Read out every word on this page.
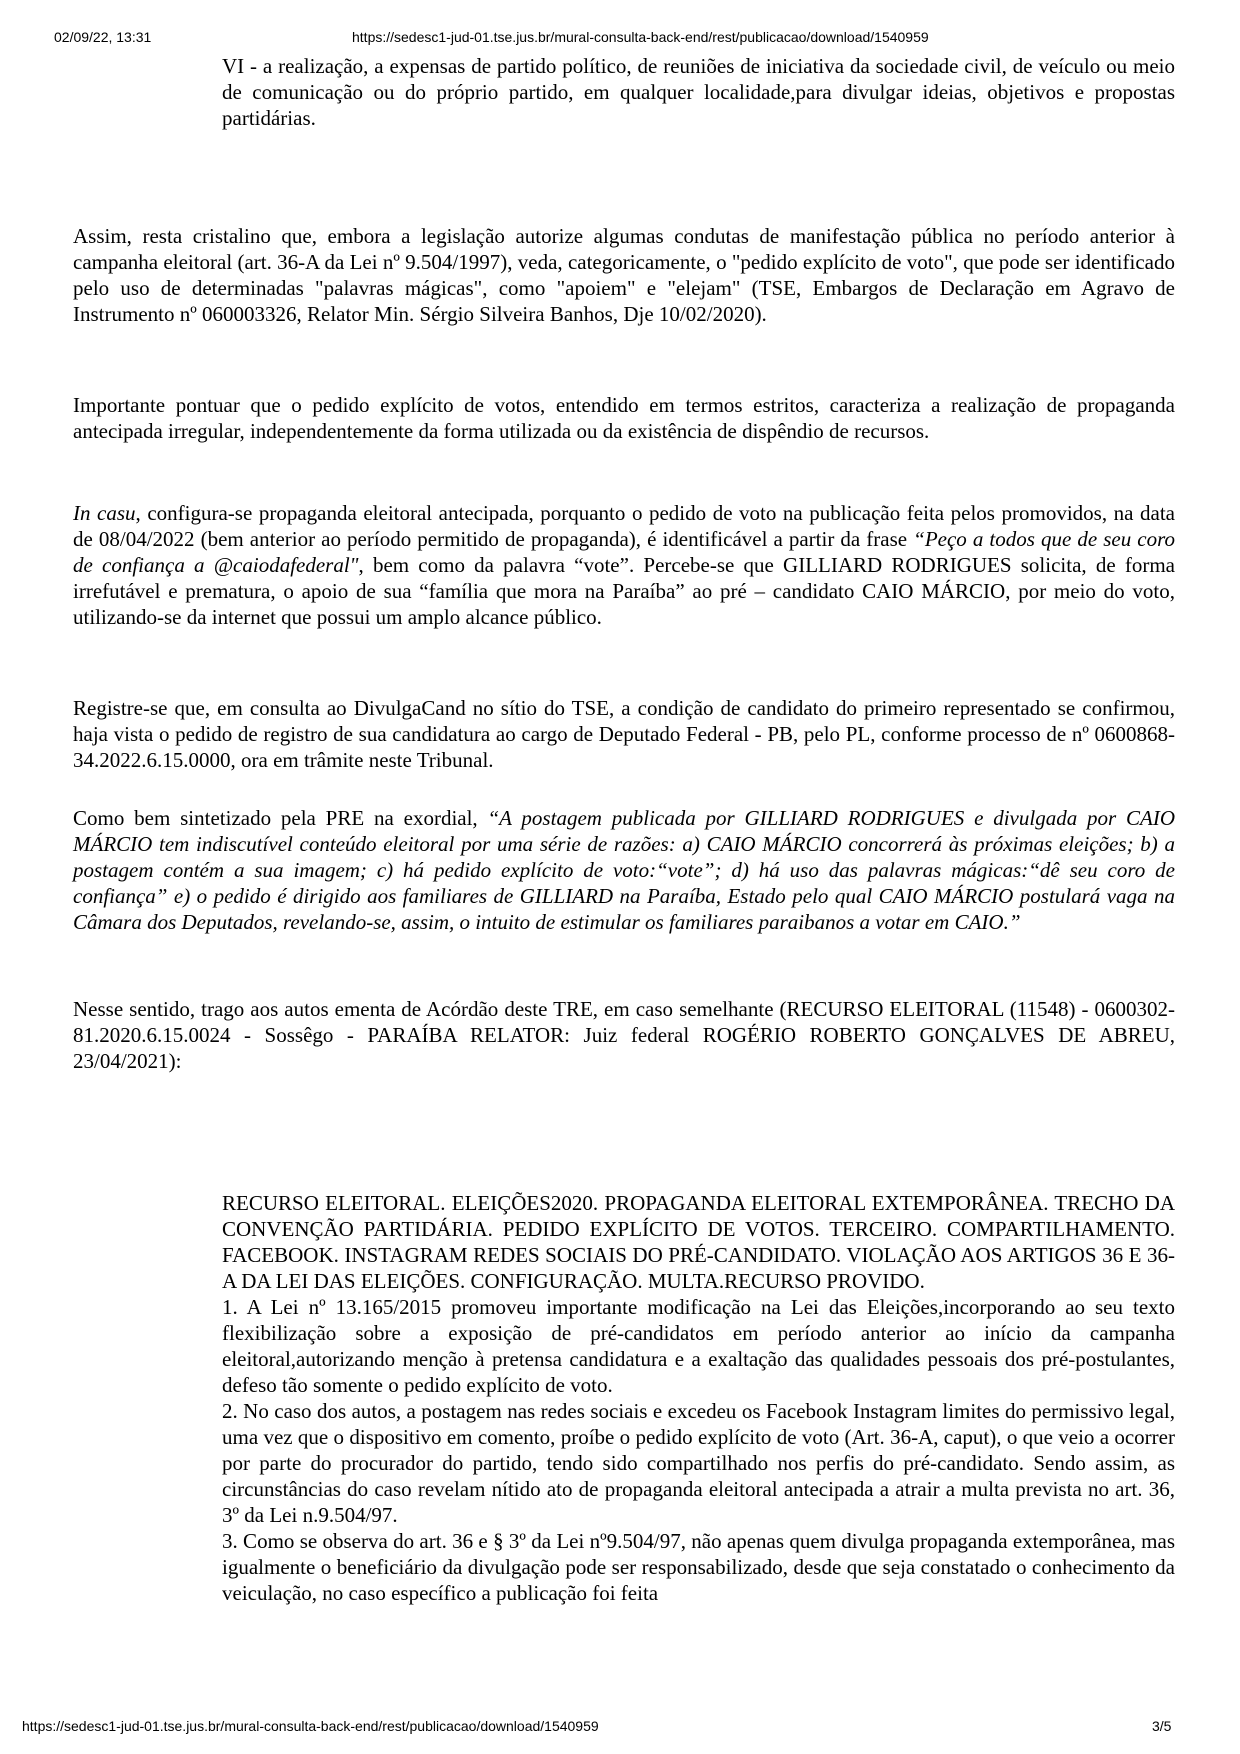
02/09/22, 13:31	https://sedesc1-jud-01.tse.jus.br/mural-consulta-back-end/rest/publicacao/download/1540959

VI - a realização, a expensas de partido político, de reuniões de iniciativa da sociedade civil, de veículo ou meio de comunicação ou do próprio partido, em qualquer localidade,para divulgar ideias, objetivos e propostas partidárias.

Assim, resta cristalino que, embora a legislação autorize algumas condutas de manifestação pública no período anterior à campanha eleitoral (art. 36-A da Lei nº 9.504/1997), veda, categoricamente, o "pedido explícito de voto", que pode ser identificado pelo uso de determinadas "palavras mágicas", como "apoiem" e "elejam" (TSE, Embargos de Declaração em Agravo de Instrumento nº 060003326, Relator Min. Sérgio Silveira Banhos, Dje 10/02/2020).

Importante pontuar que o pedido explícito de votos, entendido em termos estritos, caracteriza a realização de propaganda antecipada irregular, independentemente da forma utilizada ou da existência de dispêndio de recursos.

In casu, configura-se propaganda eleitoral antecipada, porquanto o pedido de voto na publicação feita pelos promovidos, na data de 08/04/2022 (bem anterior ao período permitido de propaganda), é identificável a partir da frase “Peço a todos que de seu coro de confiança a @caiodafederal", bem como da palavra “vote”. Percebe-se que GILLIARD RODRIGUES solicita, de forma irrefutável e prematura, o apoio de sua “família que mora na Paraíba” ao pré – candidato CAIO MÁRCIO, por meio do voto, utilizando-se da internet que possui um amplo alcance público.

Registre-se que, em consulta ao DivulgaCand no sítio do TSE, a condição de candidato do primeiro representado se confirmou, haja vista o pedido de registro de sua candidatura ao cargo de Deputado Federal - PB, pelo PL, conforme processo de nº 0600868-34.2022.6.15.0000, ora em trâmite neste Tribunal.

Como bem sintetizado pela PRE na exordial, “A postagem publicada por GILLIARD RODRIGUES e divulgada por CAIO MÁRCIO tem indiscutível conteúdo eleitoral por uma série de razões: a) CAIO MÁRCIO concorrerá às próximas eleições; b) a postagem contém a sua imagem; c) há pedido explícito de voto:“vote”; d) há uso das palavras mágicas:“dê seu coro de confiança” e) o pedido é dirigido aos familiares de GILLIARD na Paraíba, Estado pelo qual CAIO MÁRCIO postulará vaga na Câmara dos Deputados, revelando-se, assim, o intuito de estimular os familiares paraibanos a votar em CAIO.”

Nesse sentido, trago aos autos ementa de Acórdão deste TRE, em caso semelhante (RECURSO ELEITORAL (11548) - 0600302-81.2020.6.15.0024 - Sossêgo - PARAÍBA RELATOR: Juiz federal ROGÉRIO ROBERTO GONÇALVES DE ABREU, 23/04/2021):

RECURSO ELEITORAL. ELEIÇÕES2020. PROPAGANDA ELEITORAL EXTEMPORÂNEA. TRECHO DA CONVENÇÃO PARTIDÁRIA. PEDIDO EXPLÍCITO DE VOTOS. TERCEIRO. COMPARTILHAMENTO. FACEBOOK. INSTAGRAM REDES SOCIAIS DO PRÉ-CANDIDATO. VIOLAÇÃO AOS ARTIGOS 36 E 36-A DA LEI DAS ELEIÇÕES. CONFIGURAÇÃO. MULTA.RECURSO PROVIDO.
1. A Lei nº 13.165/2015 promoveu importante modificação na Lei das Eleições,incorporando ao seu texto flexibilização sobre a exposição de pré-candidatos em período anterior ao início da campanha eleitoral,autorizando menção à pretensa candidatura e a exaltação das qualidades pessoais dos pré-postulantes, defeso tão somente o pedido explícito de voto.
2. No caso dos autos, a postagem nas redes sociais e excedeu os Facebook Instagram limites do permissivo legal, uma vez que o dispositivo em comento, proíbe o pedido explícito de voto (Art. 36-A, caput), o que veio a ocorrer por parte do procurador do partido, tendo sido compartilhado nos perfis do pré-candidato. Sendo assim, as circunstâncias do caso revelam nítido ato de propaganda eleitoral antecipada a atrair a multa prevista no art. 36, 3º da Lei n.9.504/97.
3. Como se observa do art. 36 e § 3º da Lei nº9.504/97, não apenas quem divulga propaganda extemporânea, mas igualmente o beneficiário da divulgação pode ser responsabilizado, desde que seja constatado o conhecimento da veiculação, no caso específico a publicação foi feita
https://sedesc1-jud-01.tse.jus.br/mural-consulta-back-end/rest/publicacao/download/1540959	3/5
